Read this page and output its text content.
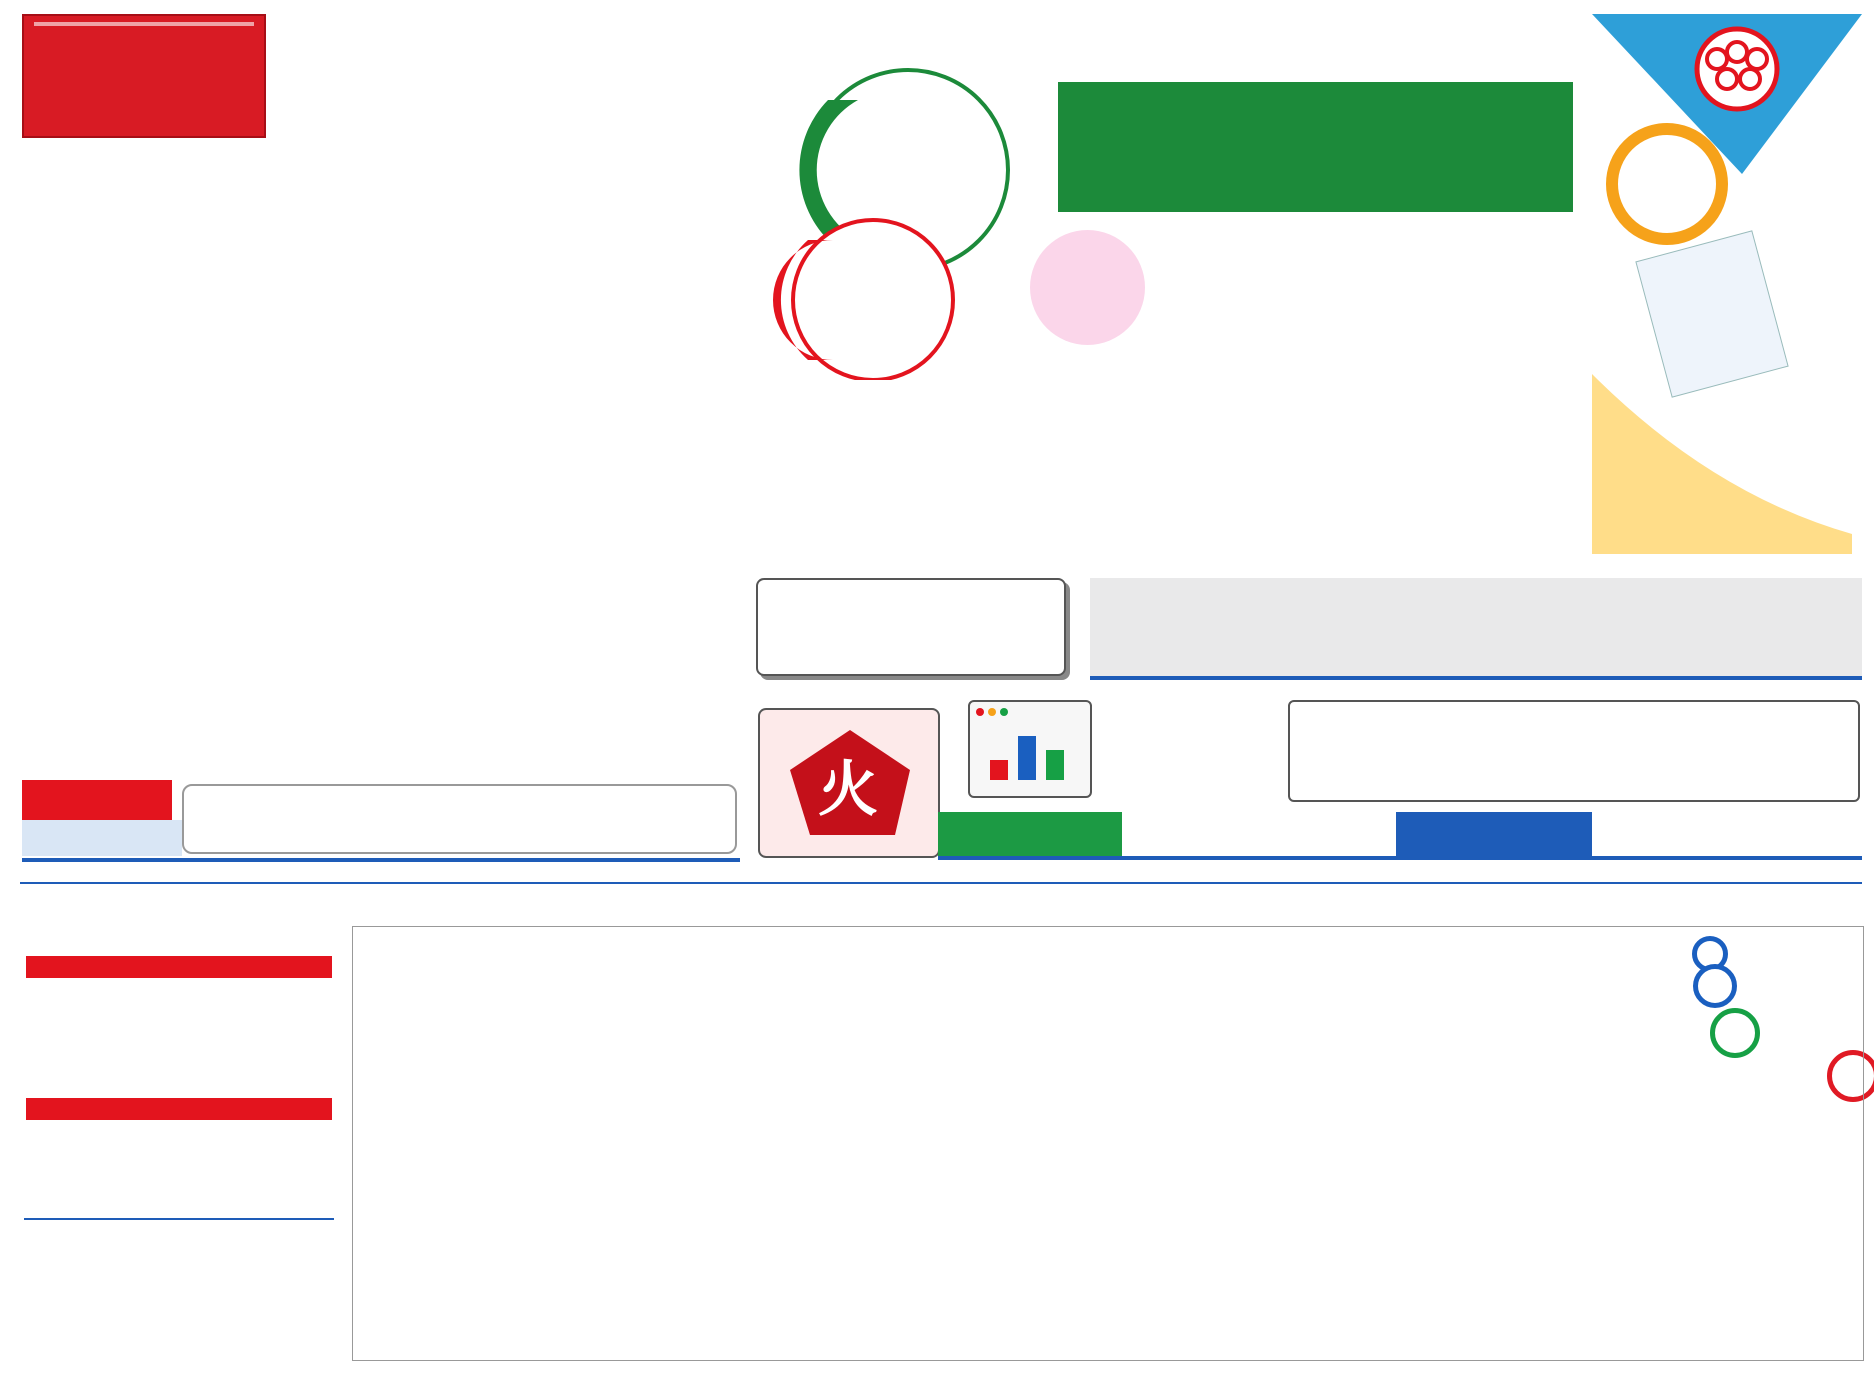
火
